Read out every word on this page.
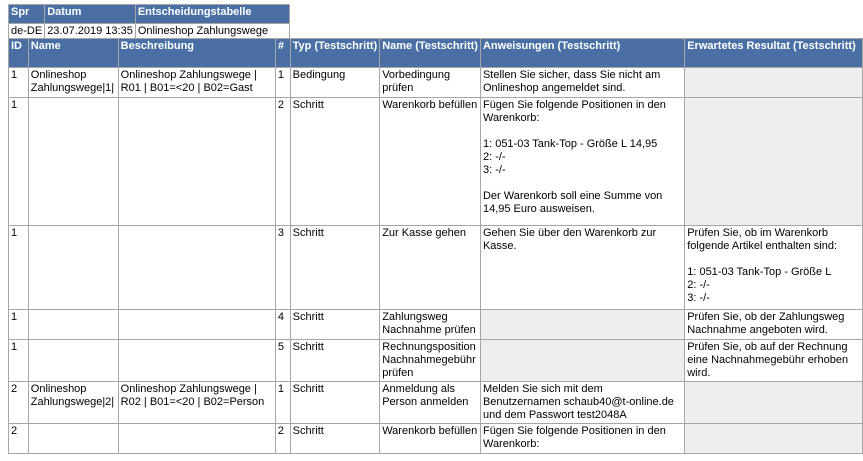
Spr	Datum	Entscheidungstabelle
de-DE	23.07.2019 13:35	Onlineshop Zahlungswege
ID	Name	Beschreibung	#	Typ (Testschritt)	Name (Testschritt)	Anweisungen (Testschritt)	Erwartetes Resultat (Testschritt)
1	Onlineshop Zahlungswege|1|	Onlineshop Zahlungswege | R01 | B01=<20 | B02=Gast	1	Bedingung	Vorbedingung prüfen	Stellen Sie sicher, dass Sie nicht am Onlineshop angemeldet sind.	
1			2	Schritt	Warenkorb befüllen	Fügen Sie folgende Positionen in den Warenkorb:

1: 051-03 Tank-Top - Größe L 14,95
2: -/-
3: -/-

Der Warenkorb soll eine Summe von 14,95 Euro ausweisen.	
1			3	Schritt	Zur Kasse gehen	Gehen Sie über den Warenkorb zur Kasse.	Prüfen Sie, ob im Warenkorb folgende Artikel enthalten sind:

1: 051-03 Tank-Top - Größe L
2: -/-
3: -/-
1			4	Schritt	Zahlungsweg Nachnahme prüfen		Prüfen Sie, ob der Zahlungsweg Nachnahme angeboten wird.
1			5	Schritt	Rechnungsposition Nachnahmegebühr prüfen		Prüfen Sie, ob auf der Rechnung eine Nachnahmegebühr erhoben wird.
2	Onlineshop Zahlungswege|2|	Onlineshop Zahlungswege | R02 | B01=<20 | B02=Person	1	Schritt	Anmeldung als Person anmelden	Melden Sie sich mit dem Benutzernamen schaub40@t-online.de und dem Passwort test2048A	
2			2	Schritt	Warenkorb befüllen	Fügen Sie folgende Positionen in den Warenkorb:	
